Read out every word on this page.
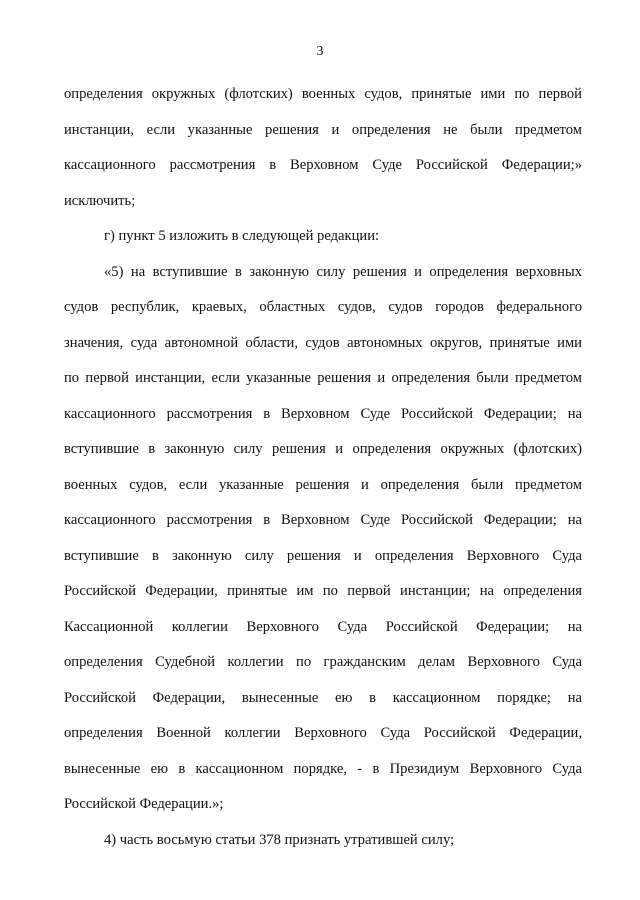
3
определения окружных (флотских) военных судов, принятые ими по первой
инстанции, если указанные решения и определения не были предметом
кассационного рассмотрения в Верховном Суде Российской Федерации;»
исключить;
г) пункт 5 изложить в следующей редакции:
«5) на вступившие в законную силу решения и определения верховных
судов республик, краевых, областных судов, судов городов федерального
значения, суда автономной области, судов автономных округов, принятые ими
по первой инстанции, если указанные решения и определения были предметом
кассационного рассмотрения в Верховном Суде Российской Федерации; на
вступившие в законную силу решения и определения окружных (флотских)
военных судов, если указанные решения и определения были предметом
кассационного рассмотрения в Верховном Суде Российской Федерации; на
вступившие в законную силу решения и определения Верховного Суда
Российской Федерации, принятые им по первой инстанции; на определения
Кассационной коллегии Верховного Суда Российской Федерации; на
определения Судебной коллегии по гражданским делам Верховного Суда
Российской Федерации, вынесенные ею в кассационном порядке; на
определения Военной коллегии Верховного Суда Российской Федерации,
вынесенные ею в кассационном порядке, - в Президиум Верховного Суда
Российской Федерации.»;
4) часть восьмую статьи 378 признать утратившей силу;
